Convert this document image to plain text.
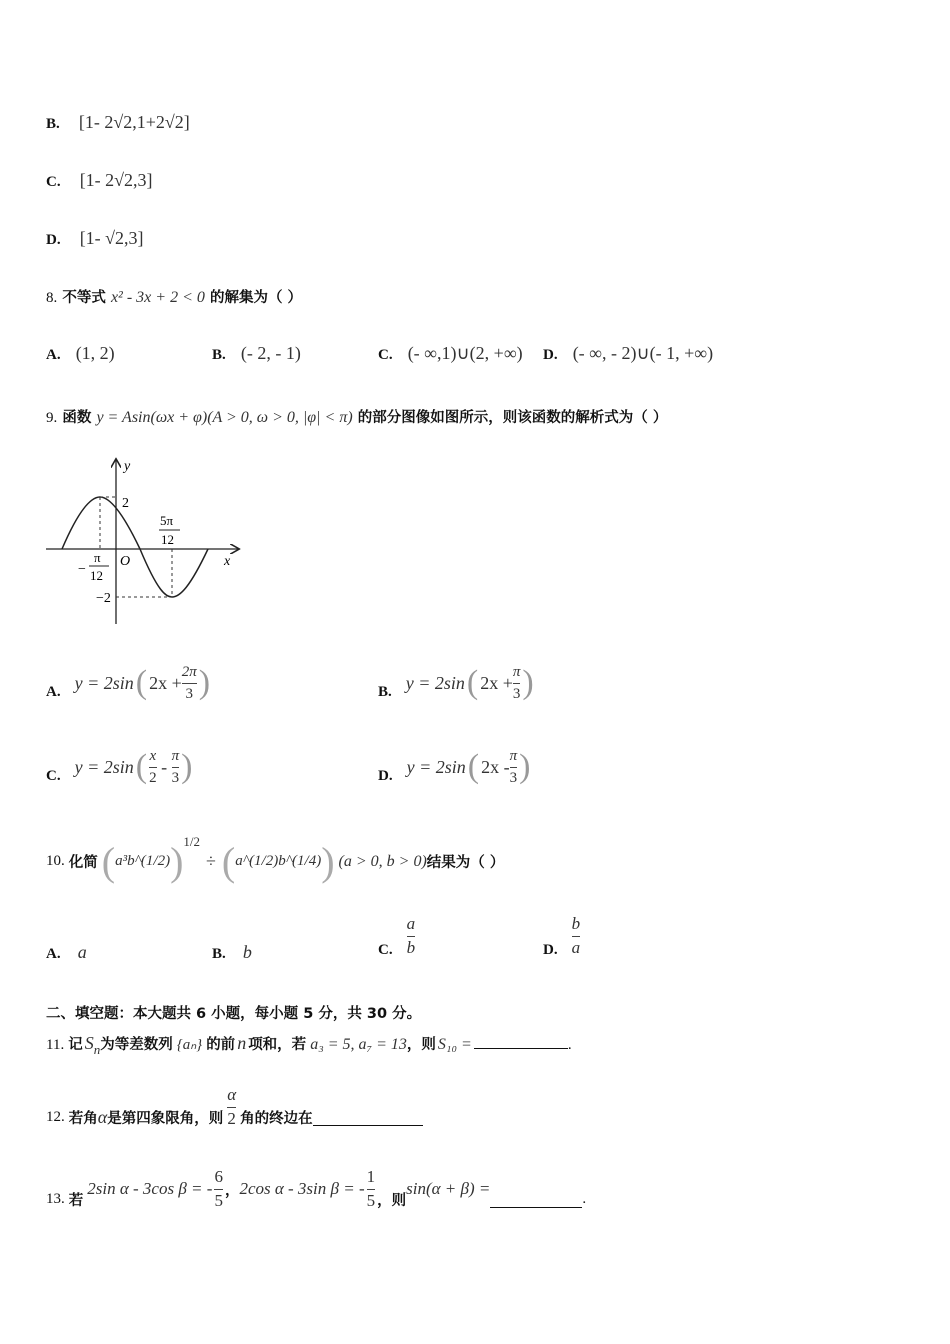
B. [1- 2√2,1+2√2]
C. [1- 2√2,3]
D. [1- √2,3]
8. 不等式 x² - 3x + 2 < 0 的解集为（ ）
A. (1, 2)	B. (- 2, - 1)	C. (- ∞,1)∪(2, +∞) D. (- ∞, - 2)∪(- 1, +∞)
9. 函数 y = Asin(ωx + φ)(A > 0, ω > 0, |φ| < π) 的部分图像如图所示，则该函数的解析式为（ ）
y
x
O
2
−2
−
π
12
5π
12
A. y = 2sin ( $2x + \frac{2\pi}{3}$ )	B. y = 2sin ( $2x + \frac{\pi}{3}$ )
C. y = 2sin ( $\frac{x}{2} - \frac{\pi}{3}$ )	D. y = 2sin ( $2x - \frac{\pi}{3}$ )
10. 化简 ( a³b^(1/2) ) 1/2
÷ ( a^(1/2)b^(1/4) ) (a > 0, b > 0) 结果为（ ）
A. a	B. b	C. $\frac{a}{b}$	D. $\frac{b}{a}$
二、填空题：本大题共 6 小题，每小题 5 分，共 30 分。
11. 记 S n 为等差数列 {aₙ} 的前 n 项和，若 a₃ = 5, a₇ = 13 ，则 S₁₀ =	.
12. 若角 α 是第四象限角，则 $\frac{\alpha}{2}$ 角的终边在
13. 若
2sin α - 3cos β = - $\frac{6}{5}$ ， 2cos α - 3sin β = - $\frac{1}{5}$ ，则
sin(α + β) =
.
